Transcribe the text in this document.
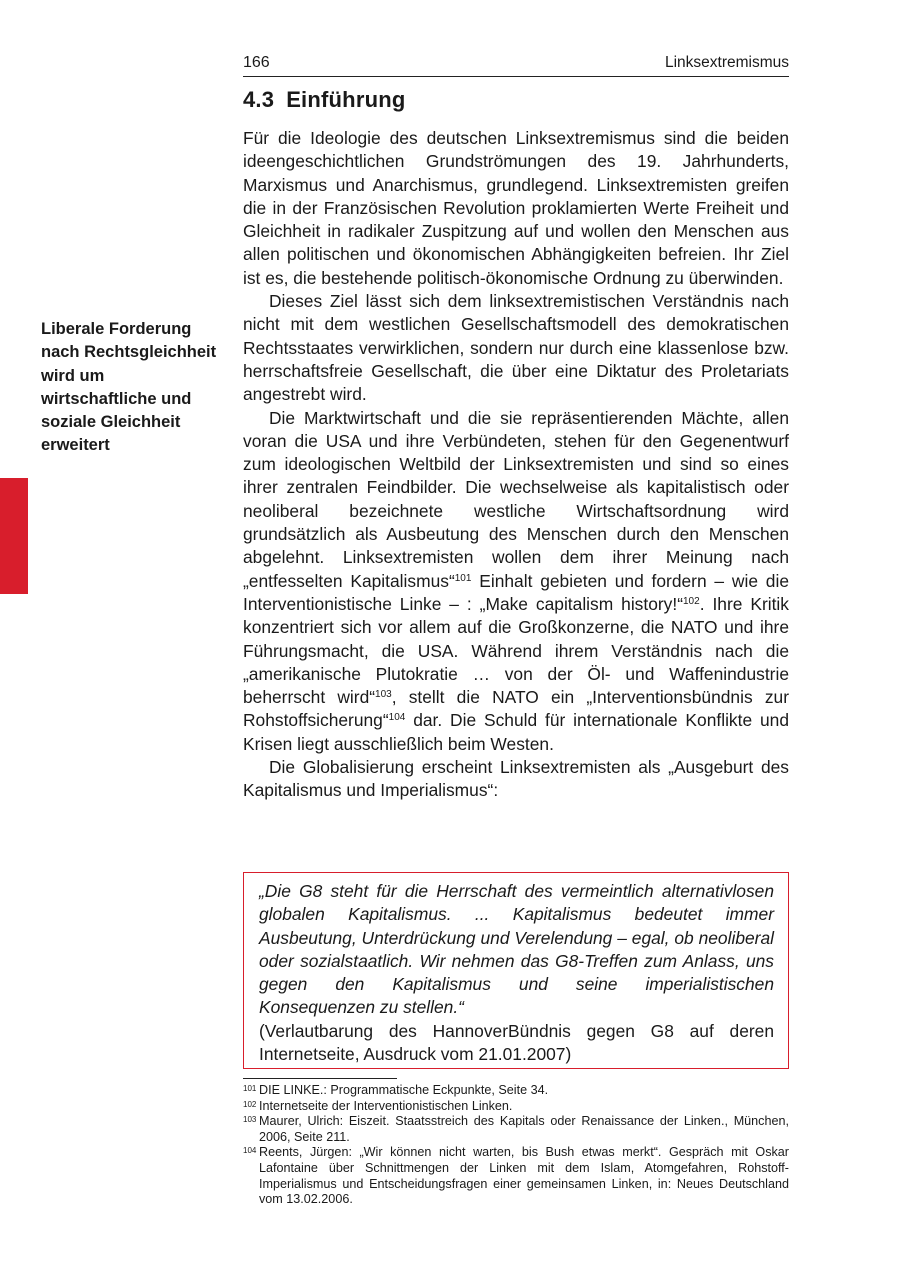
166	Linksextremismus
4.3 Einführung
Liberale Forderung nach Rechtsgleichheit wird um wirtschaftliche und soziale Gleichheit erweitert

Für die Ideologie des deutschen Linksextremismus sind die beiden ideengeschichtlichen Grundströmungen des 19. Jahrhunderts, Marxismus und Anarchismus, grundlegend. Linksextremisten greifen die in der Französischen Revolution proklamierten Werte Freiheit und Gleichheit in radikaler Zuspitzung auf und wollen den Menschen aus allen politischen und ökonomischen Abhängigkeiten befreien. Ihr Ziel ist es, die bestehende politisch-ökonomische Ordnung zu überwinden.

Dieses Ziel lässt sich dem linksextremistischen Verständnis nach nicht mit dem westlichen Gesellschaftsmodell des demokratischen Rechtsstaates verwirklichen, sondern nur durch eine klassenlose bzw. herrschaftsfreie Gesellschaft, die über eine Diktatur des Proletariats angestrebt wird.

Die Marktwirtschaft und die sie repräsentierenden Mächte, allen voran die USA und ihre Verbündeten, stehen für den Gegenentwurf zum ideologischen Weltbild der Linksextremisten und sind so eines ihrer zentralen Feindbilder. Die wechselweise als kapitalistisch oder neoliberal bezeichnete westliche Wirtschaftsordnung wird grundsätzlich als Ausbeutung des Menschen durch den Menschen abgelehnt. Linksextremisten wollen dem ihrer Meinung nach „entfesselten Kapitalismus“$^{101}$ Einhalt gebieten und fordern – wie die Interventionistische Linke – : „Make capitalism history!“$^{102}$. Ihre Kritik konzentriert sich vor allem auf die Großkonzerne, die NATO und ihre Führungsmacht, die USA. Während ihrem Verständnis nach die „amerikanische Plutokratie … von der Öl- und Waffenindustrie beherrscht wird“$^{103}$, stellt die NATO ein „Interventionsbündnis zur Rohstoffsicherung“$^{104}$ dar. Die Schuld für internationale Konflikte und Krisen liegt ausschließlich beim Westen.

Die Globalisierung erscheint Linksextremisten als „Ausgeburt des Kapitalismus und Imperialismus“:

„Die G8 steht für die Herrschaft des vermeintlich alternativlosen globalen Kapitalismus. ... Kapitalismus bedeutet immer Ausbeutung, Unterdrückung und Verelendung – egal, ob neoliberal oder sozialstaatlich. Wir nehmen das G8-Treffen zum Anlass, uns gegen den Kapitalismus und seine imperialistischen Konsequenzen zu stellen.“

(Verlautbarung des HannoverBündnis gegen G8 auf deren Internetseite, Ausdruck vom 21.01.2007)

101 DIE LINKE.: Programmatische Eckpunkte, Seite 34.
102 Internetseite der Interventionistischen Linken.
103 Maurer, Ulrich: Eiszeit. Staatsstreich des Kapitals oder Renaissance der Linken., München, 2006, Seite 211.
104 Reents, Jürgen: „Wir können nicht warten, bis Bush etwas merkt“. Gespräch mit Oskar Lafontaine über Schnittmengen der Linken mit dem Islam, Atomgefahren, Rohstoff-Imperialismus und Entscheidungsfragen einer gemeinsamen Linken, in: Neues Deutschland vom 13.02.2006.
